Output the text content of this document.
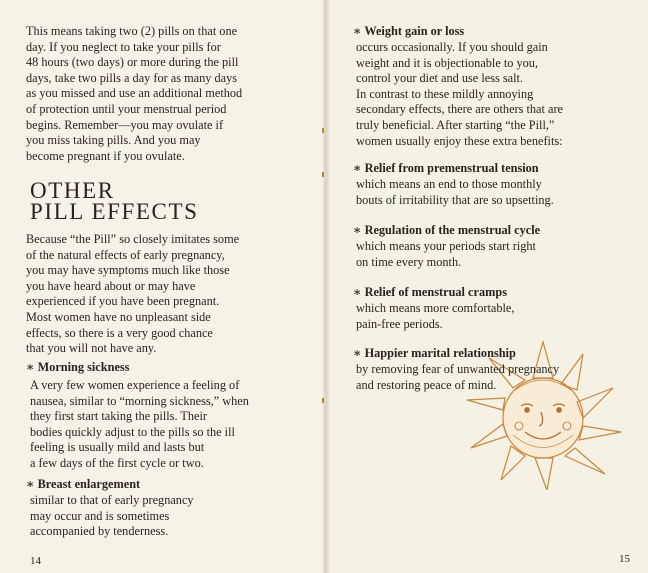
This means taking two (2) pills on that one
day. If you neglect to take your pills for
48 hours (two days) or more during the pill
days, take two pills a day for as many days
as you missed and use an additional method
of protection until your menstrual period
begins. Remember—you may ovulate if
you miss taking pills. And you may
become pregnant if you ovulate.
OTHER
PILL EFFECTS
Because “the Pill” so closely imitates some
of the natural effects of early pregnancy,
you may have symptoms much like those
you have heard about or may have
experienced if you have been pregnant.
Most women have no unpleasant side
effects, so there is a very good chance
that you will not have any.
∗ Morning sickness
A very few women experience a feeling of
nausea, similar to “morning sickness,” when
they first start taking the pills. Their
bodies quickly adjust to the pills so the ill
feeling is usually mild and lasts but
a few days of the first cycle or two.
∗ Breast enlargement
similar to that of early pregnancy
may occur and is sometimes
accompanied by tenderness.
14
∗ Weight gain or loss
occurs occasionally. If you should gain
weight and it is objectionable to you,
control your diet and use less salt.
In contrast to these mildly annoying
secondary effects, there are others that are
truly beneficial. After starting “the Pill,”
women usually enjoy these extra benefits:
∗ Relief from premenstrual tension
which means an end to those monthly
bouts of irritability that are so upsetting.
∗ Regulation of the menstrual cycle
which means your periods start right
on time every month.
∗ Relief of menstrual cramps
which means more comfortable,
pain-free periods.
∗ Happier marital relationship
by removing fear of unwanted pregnancy
and restoring peace of mind.
15
